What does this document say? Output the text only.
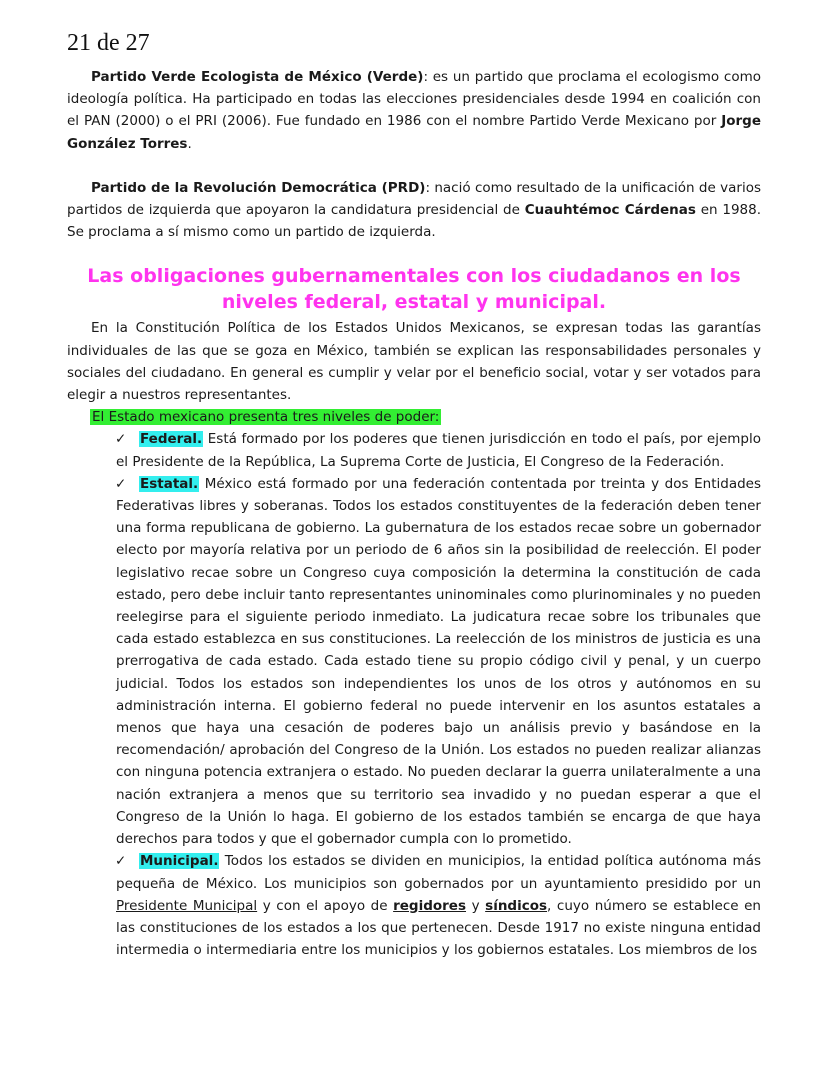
21 de 27

Partido Verde Ecologista de México (Verde): es un partido que proclama el ecologismo como ideología política. Ha participado en todas las elecciones presidenciales desde 1994 en coalición con el PAN (2000) o el PRI (2006). Fue fundado en 1986 con el nombre Partido Verde Mexicano por Jorge González Torres.

Partido de la Revolución Democrática (PRD): nació como resultado de la unificación de varios partidos de izquierda que apoyaron la candidatura presidencial de Cuauhtémoc Cárdenas en 1988. Se proclama a sí mismo como un partido de izquierda.

Las obligaciones gubernamentales con los ciudadanos en los niveles federal, estatal y municipal.

En la Constitución Política de los Estados Unidos Mexicanos, se expresan todas las garantías individuales de las que se goza en México, también se explican las responsabilidades personales y sociales del ciudadano. En general es cumplir y velar por el beneficio social, votar y ser votados para elegir a nuestros representantes.

El Estado mexicano presenta tres niveles de poder:
✓	Federal. Está formado por los poderes que tienen jurisdicción en todo el país, por ejemplo el Presidente de la República, La Suprema Corte de Justicia, El Congreso de la Federación.

✓	Estatal. México está formado por una federación contentada por treinta y dos Entidades Federativas libres y soberanas. Todos los estados constituyentes de la federación deben tener una forma republicana de gobierno. La gubernatura de los estados recae sobre un gobernador electo por mayoría relativa por un periodo de 6 años sin la posibilidad de reelección. El poder legislativo recae sobre un Congreso cuya composición la determina la constitución de cada estado, pero debe incluir tanto representantes uninominales como plurinominales y no pueden reelegirse para el siguiente periodo inmediato. La judicatura recae sobre los tribunales que cada estado establezca en sus constituciones. La reelección de los ministros de justicia es una prerrogativa de cada estado. Cada estado tiene su propio código civil y penal, y un cuerpo judicial. Todos los estados son independientes los unos de los otros y autónomos en su administración interna. El gobierno federal no puede intervenir en los asuntos estatales a menos que haya una cesación de poderes bajo un análisis previo y basándose en la recomendación/ aprobación del Congreso de la Unión. Los estados no pueden realizar alianzas con ninguna potencia extranjera o estado. No pueden declarar la guerra unilateralmente a una nación extranjera a menos que su territorio sea invadido y no puedan esperar a que el Congreso de la Unión lo haga. El gobierno de los estados también se encarga de que haya derechos para todos y que el gobernador cumpla con lo prometido.

✓	Municipal. Todos los estados se dividen en municipios, la entidad política autónoma más pequeña de México. Los municipios son gobernados por un ayuntamiento presidido por un Presidente Municipal y con el apoyo de regidores y síndicos, cuyo número se establece en las constituciones de los estados a los que pertenecen. Desde 1917 no existe ninguna entidad intermedia o intermediaria entre los municipios y los gobiernos estatales. Los miembros de los
